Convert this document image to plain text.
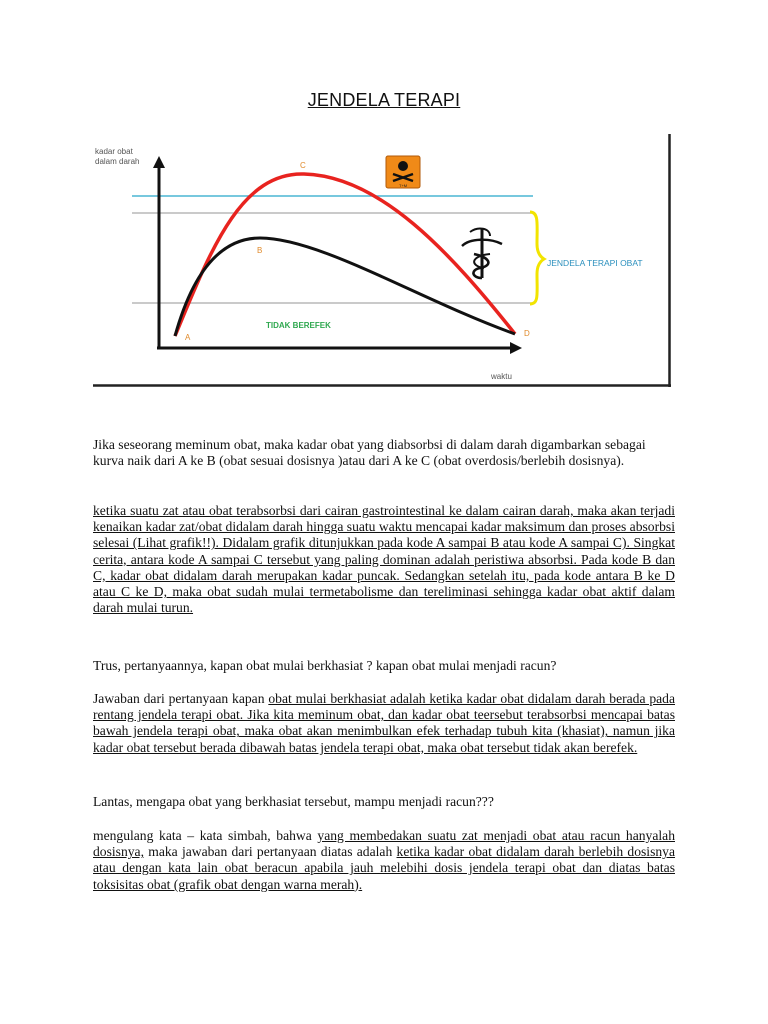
JENDELA TERAPI
kadar obat
dalam darah
waktu
A
B
C
D
JENDELA TERAPI OBAT
TIDAK BEREFEK
T+M
Jika seseorang meminum obat, maka kadar obat yang diabsorbsi di dalam darah digambarkan sebagai kurva naik dari A ke B (obat sesuai dosisnya )atau dari A ke C (obat overdosis/berlebih dosisnya).
ketika suatu zat atau obat terabsorbsi dari cairan gastrointestinal ke dalam cairan darah, maka akan terjadi kenaikan kadar zat/obat didalam darah hingga suatu waktu mencapai kadar maksimum dan proses absorbsi selesai (Lihat grafik!!). Didalam grafik ditunjukkan pada kode A sampai B atau kode A sampai C). Singkat cerita, antara kode A sampai C tersebut yang paling dominan adalah peristiwa absorbsi. Pada kode B dan C, kadar obat didalam darah merupakan kadar puncak. Sedangkan setelah itu, pada kode antara B ke D atau C ke D, maka obat sudah mulai termetabolisme dan tereliminasi sehingga kadar obat aktif dalam darah mulai turun.
Trus, pertanyaannya, kapan obat mulai berkhasiat ? kapan obat mulai menjadi racun?
Jawaban dari pertanyaan kapan obat mulai berkhasiat adalah ketika kadar obat didalam darah berada pada rentang jendela terapi obat. Jika kita meminum obat, dan kadar obat teersebut terabsorbsi mencapai batas bawah jendela terapi obat, maka obat akan menimbulkan efek terhadap tubuh kita (khasiat), namun jika kadar obat tersebut berada dibawah batas jendela terapi obat, maka obat tersebut tidak akan berefek.
Lantas, mengapa obat yang berkhasiat tersebut, mampu menjadi racun???
mengulang kata – kata simbah, bahwa yang membedakan suatu zat menjadi obat atau racun hanyalah dosisnya, maka jawaban dari pertanyaan diatas adalah ketika kadar obat didalam darah berlebih dosisnya atau dengan kata lain obat beracun apabila jauh melebihi dosis jendela terapi obat dan diatas batas toksisitas obat (grafik obat dengan warna merah).
